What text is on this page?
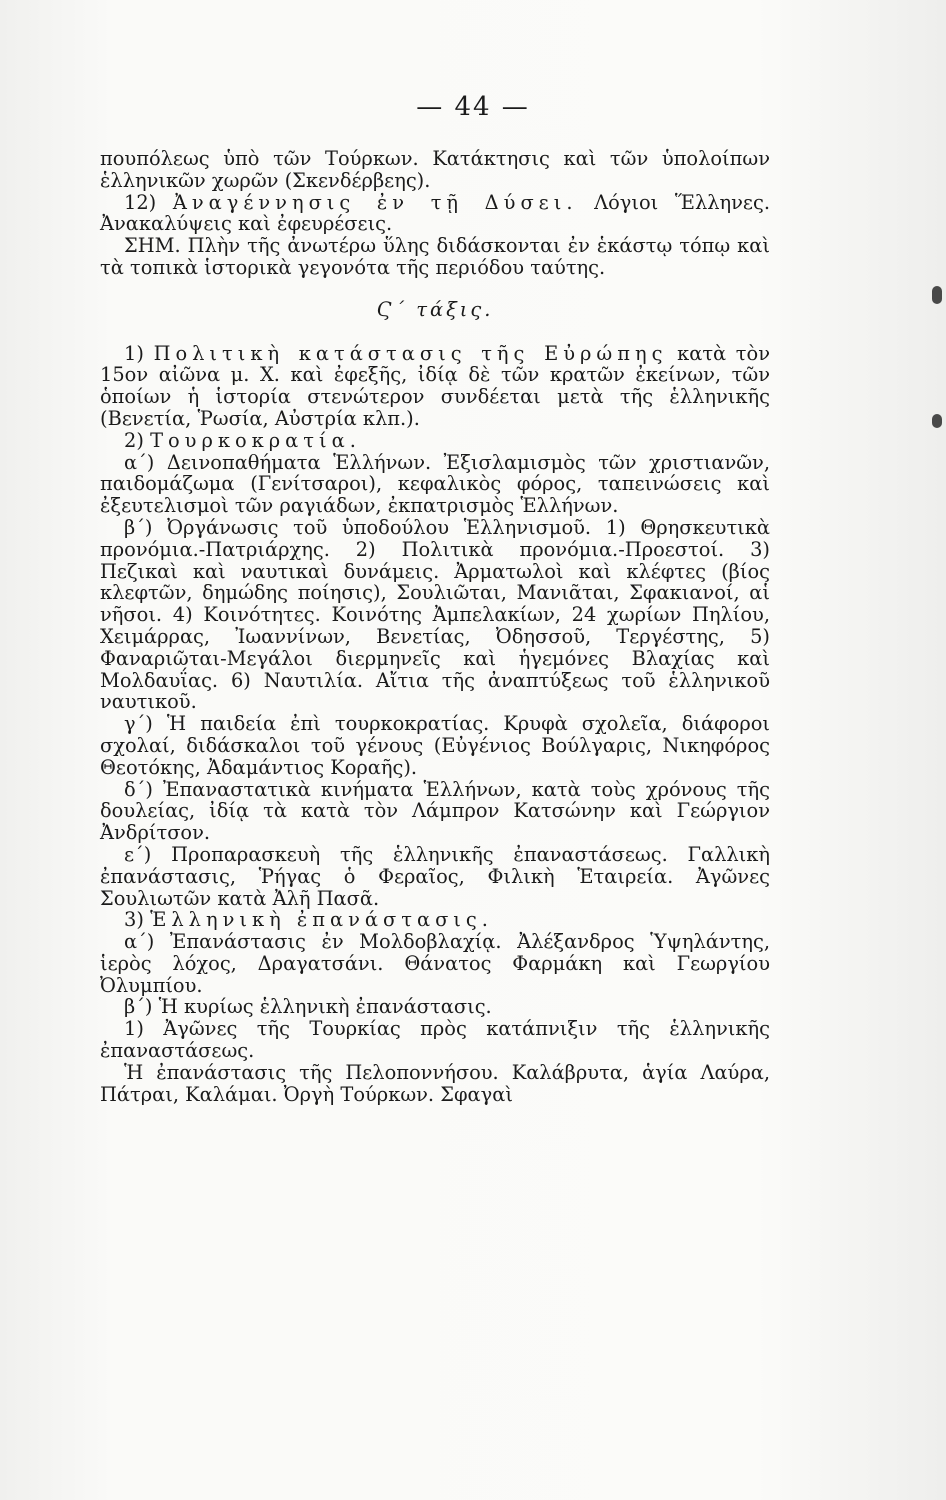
— 44 —

πουπόλεως ὑπὸ τῶν Τούρκων. Κατάκτησις καὶ τῶν ὑπολοίπων ἑλληνικῶν χωρῶν (Σκενδέρβεης).

12) Ἀναγέννησις ἐν τῇ Δύσει. Λόγιοι Ἕλληνες. Ἀνακαλύψεις καὶ ἐφευρέσεις.

ΣΗΜ. Πλὴν τῆς ἀνωτέρω ὕλης διδάσκονται ἐν ἑκάστῳ τόπῳ καὶ τὰ τοπικὰ ἱστορικὰ γεγονότα τῆς περιόδου ταύτης.

Ϛ΄ τάξις.

1) Πολιτικὴ κατάστασις τῆς Εὐρώπης κατὰ τὸν 15ον αἰῶνα μ. Χ. καὶ ἐφεξῆς, ἰδίᾳ δὲ τῶν κρατῶν ἐκείνων, τῶν ὁποίων ἡ ἱστορία στενώτερον συνδέεται μετὰ τῆς ἑλληνικῆς (Βενετία, Ῥωσία, Αὐστρία κλπ.).

2) Τουρκοκρατία.

α΄) Δεινοπαθήματα Ἑλλήνων. Ἐξισλαμισμὸς τῶν χριστιανῶν, παιδομάζωμα (Γενίτσαροι), κεφαλικὸς φόρος, ταπεινώσεις καὶ ἐξευτελισμοὶ τῶν ραγιάδων, ἐκπατρισμὸς Ἑλλήνων.

β΄) Ὀργάνωσις τοῦ ὑποδούλου Ἑλληνισμοῦ. 1) Θρησκευτικὰ προνόμια.-Πατριάρχης. 2) Πολιτικὰ προνόμια.-Προεστοί. 3) Πεζικαὶ καὶ ναυτικαὶ δυνάμεις. Ἀρματωλοὶ καὶ κλέφτες (βίος κλεφτῶν, δημώδης ποίησις), Σουλιῶται, Μανιᾶται, Σφακιανοί, αἱ νῆσοι. 4) Κοινότητες. Κοινότης Ἀμπελακίων, 24 χωρίων Πηλίου, Χειμάρρας, Ἰωαννίνων, Βενετίας, Ὀδησσοῦ, Τεργέστης, 5) Φαναριῶται-Μεγάλοι διερμηνεῖς καὶ ἡγεμόνες Βλαχίας καὶ Μολδαυΐας. 6) Ναυτιλία. Αἴτια τῆς ἀναπτύξεως τοῦ ἑλληνικοῦ ναυτικοῦ.

γ΄) Ἡ παιδεία ἐπὶ τουρκοκρατίας. Κρυφὰ σχολεῖα, διάφοροι σχολαί, διδάσκαλοι τοῦ γένους (Εὐγένιος Βούλγαρις, Νικηφόρος Θεοτόκης, Ἀδαμάντιος Κοραῆς).

δ΄) Ἐπαναστατικὰ κινήματα Ἑλλήνων, κατὰ τοὺς χρόνους τῆς δουλείας, ἰδίᾳ τὰ κατὰ τὸν Λάμπρον Κατσώνην καὶ Γεώργιον Ἀνδρίτσον.

ε΄) Προπαρασκευὴ τῆς ἑλληνικῆς ἐπαναστάσεως. Γαλλικὴ ἐπανάστασις, Ῥήγας ὁ Φεραῖος, Φιλικὴ Ἑταιρεία. Ἀγῶνες Σουλιωτῶν κατὰ Ἀλῆ Πασᾶ.

3) Ἑλληνικὴ ἐπανάστασις.

α΄) Ἐπανάστασις ἐν Μολδοβλαχίᾳ. Ἀλέξανδρος Ὑψηλάντης, ἱερὸς λόχος, Δραγατσάνι. Θάνατος Φαρμάκη καὶ Γεωργίου Ὀλυμπίου.

β΄) Ἡ κυρίως ἑλληνικὴ ἐπανάστασις.

1) Ἀγῶνες τῆς Τουρκίας πρὸς κατάπνιξιν τῆς ἑλληνικῆς ἐπαναστάσεως.

Ἡ ἐπανάστασις τῆς Πελοποννήσου. Καλάβρυτα, ἁγία Λαύρα, Πάτραι, Καλάμαι. Ὀργὴ Τούρκων. Σφαγαὶ
